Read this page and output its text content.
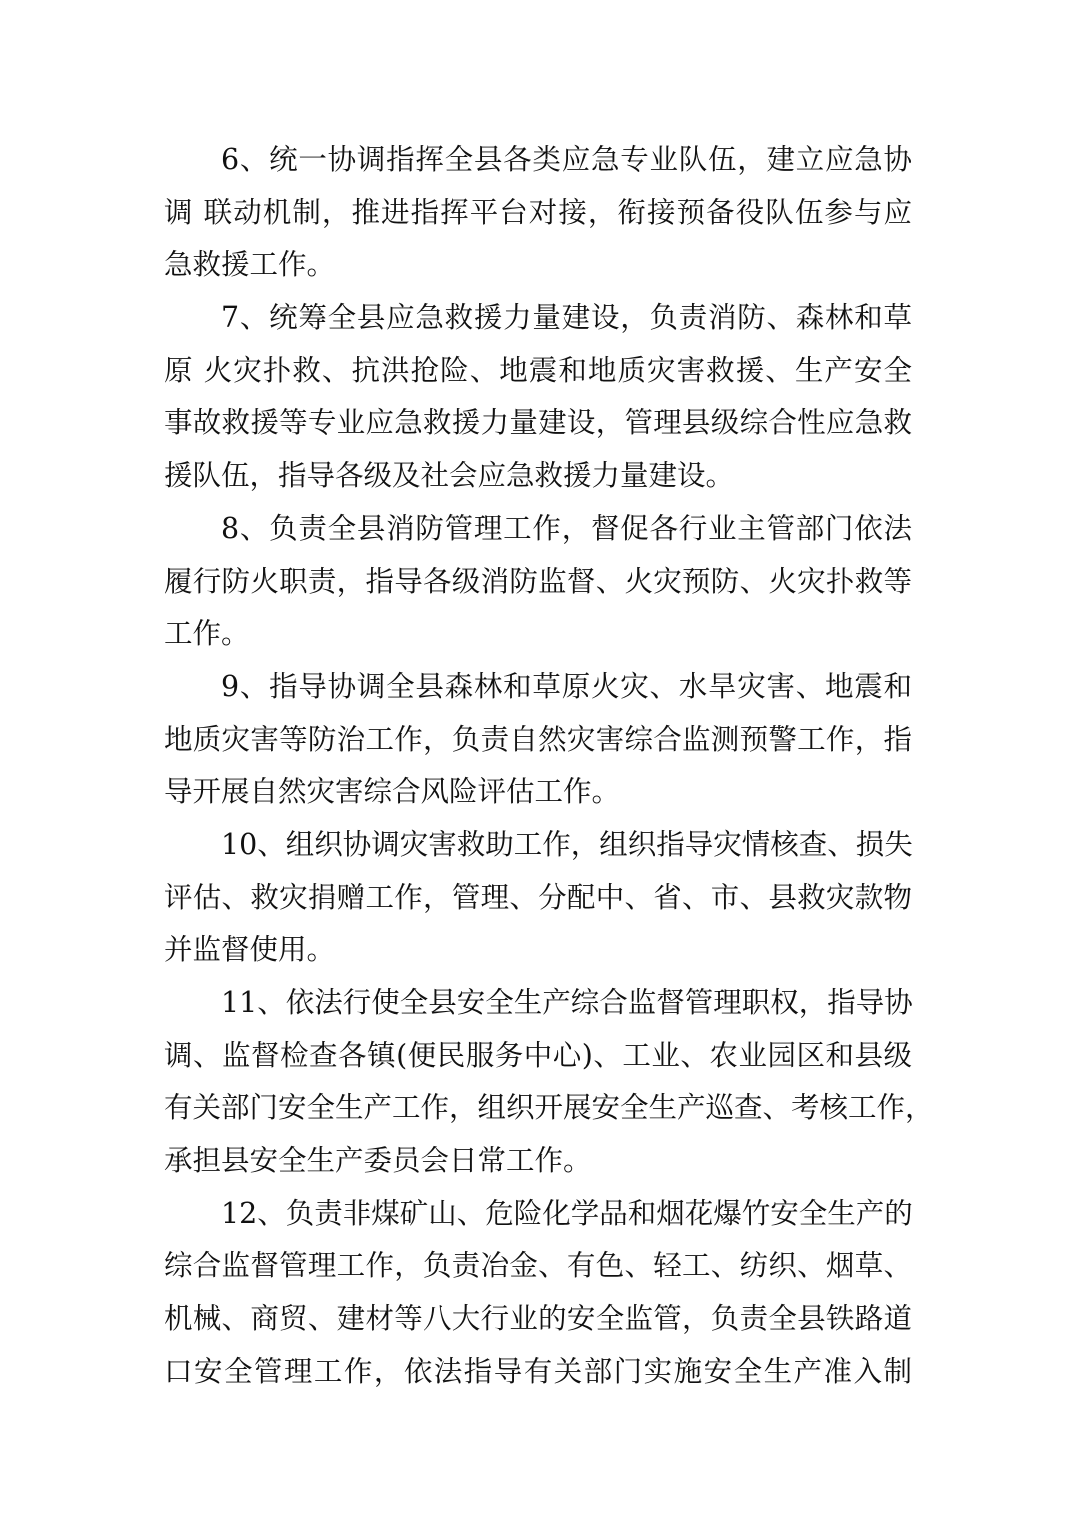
6、统一协调指挥全县各类应急专业队伍，建立应急协
调 联动机制，推进指挥平台对接，衔接预备役队伍参与应
急救援工作。
7、统筹全县应急救援力量建设，负责消防、森林和草
原 火灾扑救、抗洪抢险、地震和地质灾害救援、生产安全
事故救援等专业应急救援力量建设，管理县级综合性应急救
援队伍，指导各级及社会应急救援力量建设。
8、负责全县消防管理工作，督促各行业主管部门依法
履行防火职责，指导各级消防监督、火灾预防、火灾扑救等
工作。
9、指导协调全县森林和草原火灾、水旱灾害、地震和
地质灾害等防治工作，负责自然灾害综合监测预警工作，指
导开展自然灾害综合风险评估工作。
10、组织协调灾害救助工作，组织指导灾情核查、损失
评估、救灾捐赠工作，管理、分配中、省、市、县救灾款物
并监督使用。
11、依法行使全县安全生产综合监督管理职权，指导协
调、监督检查各镇(便民服务中心)、工业、农业园区和县级
有关部门安全生产工作，组织开展安全生产巡查、考核工作，
承担县安全生产委员会日常工作。
12、负责非煤矿山、危险化学品和烟花爆竹安全生产的
综合监督管理工作，负责冶金、有色、轻工、纺织、烟草、
机械、商贸、建材等八大行业的安全监管，负责全县铁路道
口安全管理工作，依法指导有关部门实施安全生产准入制
